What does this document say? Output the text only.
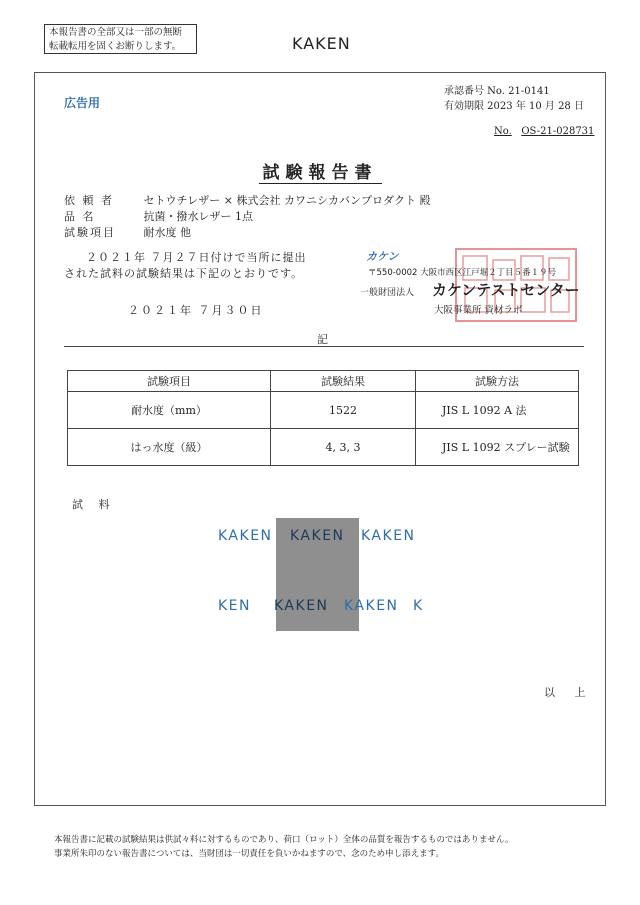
本報告書の全部又は一部の無断
転載転用を固くお断りします。	KAKEN
広告用
承認番号 No. 21-0141
有効期限 2023 年 10 月 28 日
No. OS-21-028731
試験報告書
依 頼 者	セトウチレザー × 株式会社 カワニシカバンプロダクト 殿
品 名	抗菌・撥水レザー 1点
試験項目	耐水度 他
２０２１年 ７月２７日付けで当所に提出
された試料の試験結果は下記のとおりです。
２０２１年 ７月３０日
カケン
〒550-0002 大阪市西区江戸堀２丁目５番１９号
一般財団法人 カケンテストセンター
大阪事業所 資材ラボ
記
試験項目	試験結果	試験方法
耐水度（mm）	1522	JIS L 1092 A 法
はっ水度（級）	4, 3, 3	JIS L 1092 スプレー試験
試 料
KAKEN KAKEN KAKEN
KEN KAKEN KAKEN K
以 上
本報告書に記載の試験結果は供試々料に対するものであり、荷口（ロット）全体の品質を報告するものではありません。
事業所朱印のない報告書については、当財団は一切責任を負いかねますので、念のため申し添えます。
